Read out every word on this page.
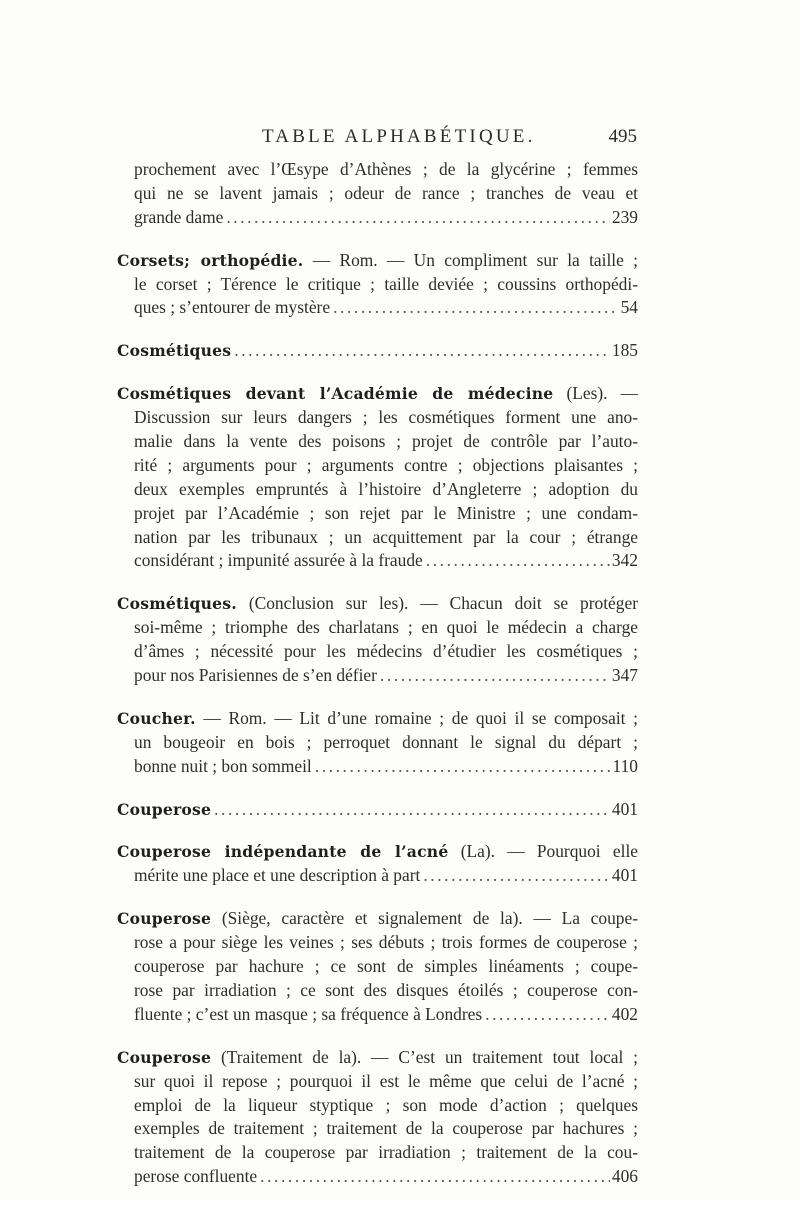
TABLE ALPHABÉTIQUE.	495
prochement avec l’Œsype d’Athènes ; de la glycérine ; femmes
qui ne se lavent jamais ; odeur de rance ; tranches de veau et
grande dame .....	239
Corsets; orthopédie. — Rom. — Un compliment sur la taille ;
le corset ; Térence le critique ; taille deviée ; coussins orthopédi-
ques ; s’entourer de mystère .....	54
Cosmétiques .....	185
Cosmétiques devant l’Académie de médecine (Les). —
Discussion sur leurs dangers ; les cosmétiques forment une ano-
malie dans la vente des poisons ; projet de contrôle par l’auto-
rité ; arguments pour ; arguments contre ; objections plaisantes ;
deux exemples empruntés à l’histoire d’Angleterre ; adoption du
projet par l’Académie ; son rejet par le Ministre ; une condam-
nation par les tribunaux ; un acquittement par la cour ; étrange
considérant ; impunité assurée à la fraude .....	342
Cosmétiques. (Conclusion sur les). — Chacun doit se protéger
soi-même ; triomphe des charlatans ; en quoi le médecin a charge
d’âmes ; nécessité pour les médecins d’étudier les cosmétiques ;
pour nos Parisiennes de s’en défier .....	347
Coucher. — Rom. — Lit d’une romaine ; de quoi il se composait ;
un bougeoir en bois ; perroquet donnant le signal du départ ;
bonne nuit ; bon sommeil .....	110
Couperose .....	401
Couperose indépendante de l’acné (La). — Pourquoi elle
mérite une place et une description à part .....	401
Couperose (Siège, caractère et signalement de la). — La coupe-
rose a pour siège les veines ; ses débuts ; trois formes de couperose ;
couperose par hachure ; ce sont de simples linéaments ; coupe-
rose par irradiation ; ce sont des disques étoilés ; couperose con-
fluente ; c’est un masque ; sa fréquence à Londres .....	402
Couperose (Traitement de la). — C’est un traitement tout local ;
sur quoi il repose ; pourquoi il est le même que celui de l’acné ;
emploi de la liqueur styptique ; son mode d’action ; quelques
exemples de traitement ; traitement de la couperose par hachures ;
traitement de la couperose par irradiation ; traitement de la cou-
perose confluente .....	406
